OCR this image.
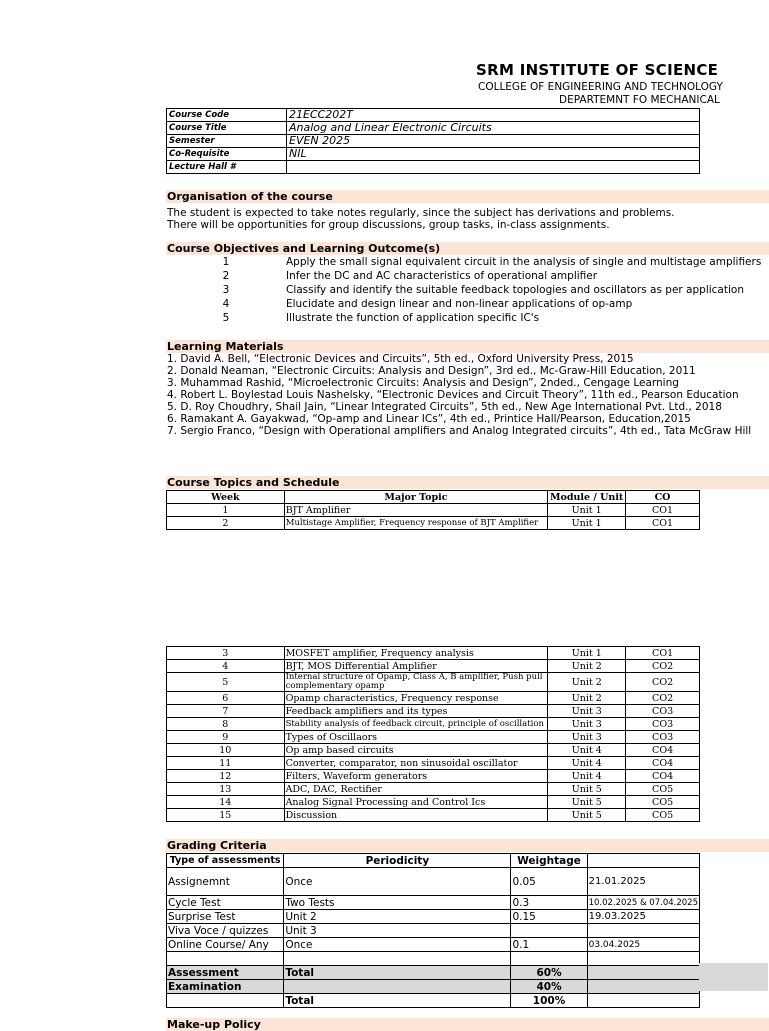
SRM INSTITUTE OF SCIENCE
COLLEGE OF ENGINEERING AND TECHNOLOGY
DEPARTEMNT FO MECHANICAL
Course Code	21ECC202T
Course Title	Analog and Linear Electronic Circuits
Semester	EVEN 2025
Co-Requisite	NIL
Lecture Hall #	
Organisation of the course
The student is expected to take notes regularly, since the subject has derivations and problems.
There will be opportunities for group discussions, group tasks, in-class assignments.
Course Objectives and Learning Outcome(s)
1	Apply the small signal equivalent circuit in the analysis of single and multistage amplifiers
2	Infer the DC and AC characteristics of operational amplifier
3	Classify and identify the suitable feedback topologies and oscillators as per application
4	Elucidate and design linear and non-linear applications of op-amp
5	Illustrate the function of application specific IC's
Learning Materials
1. David A. Bell, “Electronic Devices and Circuits”, 5th ed., Oxford University Press, 2015
2. Donald Neaman, “Electronic Circuits: Analysis and Design”, 3rd ed., Mc-Graw-Hill Education, 2011
3. Muhammad Rashid, “Microelectronic Circuits: Analysis and Design”, 2nded., Cengage Learning
4. Robert L. Boylestad Louis Nashelsky, “Electronic Devices and Circuit Theory”, 11th ed., Pearson Education
5. D. Roy Choudhry, Shail Jain, “Linear Integrated Circuits”, 5th ed., New Age International Pvt. Ltd., 2018
6. Ramakant A. Gayakwad, “Op-amp and Linear ICs”, 4th ed., Printice Hall/Pearson, Education,2015
7. Sergio Franco, “Design with Operational amplifiers and Analog Integrated circuits”, 4th ed., Tata McGraw Hill
Course Topics and Schedule
Week	Major Topic	Module / Unit	CO
1	BJT Amplifier	Unit 1	CO1
2	Multistage Amplifier, Frequency response of BJT Amplifier	Unit 1	CO1
3	MOSFET amplifier, Frequency analysis	Unit 1	CO1
4	BJT, MOS Differential Amplifier	Unit 2	CO2
5	Internal structure of Opamp, Class A, B amplifier, Push pull complementary opamp	Unit 2	CO2
6	Opamp characteristics, Frequency response	Unit 2	CO2
7	Feedback amplifiers and its types	Unit 3	CO3
8	Stability analysis of feedback circuit, principle of oscillation	Unit 3	CO3
9	Types of Oscillaors	Unit 3	CO3
10	Op amp based circuits	Unit 4	CO4
11	Converter, comparator, non sinusoidal oscillator	Unit 4	CO4
12	Filters, Waveform generators	Unit 4	CO4
13	ADC, DAC, Rectifier	Unit 5	CO5
14	Analog Signal Processing and Control Ics	Unit 5	CO5
15	Discussion	Unit 5	CO5
Grading Criteria
Type of assessments	Periodicity	Weightage	
Assignemnt	Once	0.05	21.01.2025
Cycle Test	Two Tests	0.3	10.02.2025 & 07.04.2025
Surprise Test	Unit 2	0.15	19.03.2025
Viva Voce / quizzes	Unit 3		
Online Course/ Any	Once	0.1	03.04.2025

Assessment	Total	60%	
Examination		40%	
	Total	100%	
Make-up Policy
